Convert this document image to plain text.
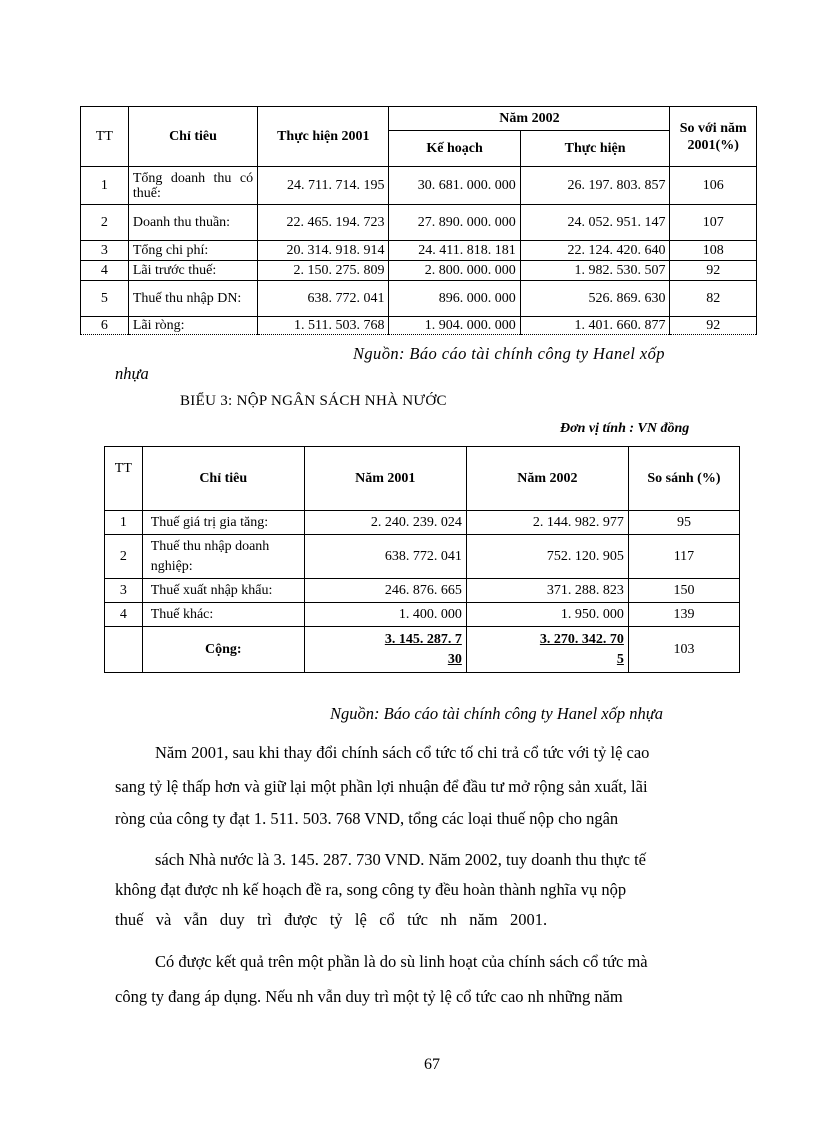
TT	Chỉ tiêu	Thực hiện 2001	Năm 2002		So với năm 2001(%)
			Kế hoạch	Thực hiện	
1	Tổng doanh thu có thuế:	24. 711. 714. 195	30. 681. 000. 000	26. 197. 803. 857	106
2	Doanh thu thuần:	22. 465. 194. 723	27. 890. 000. 000	24. 052. 951. 147	107
3	Tổng chi phí:	20. 314. 918. 914	24. 411. 818. 181	22. 124. 420. 640	108
4	Lãi trước thuế:	2. 150. 275. 809	2. 800. 000. 000	1. 982. 530. 507	92
5	Thuế thu nhập DN:	638. 772. 041	896. 000. 000	526. 869. 630	82
6	Lãi ròng:	1. 511. 503. 768	1. 904. 000. 000	1. 401. 660. 877	92
Nguồn: Báo cáo tài chính công ty Hanel xốp
nhựa
BIỂU 3: NỘP NGÂN SÁCH NHÀ NƯỚC
Đơn vị tính : VN đồng
TT	Chỉ tiêu	Năm 2001	Năm 2002	So sánh (%)
1	Thuế giá trị gia tăng:	2. 240. 239. 024	2. 144. 982. 977	95
2	Thuế thu nhập doanh nghiệp:	638. 772. 041	752. 120. 905	117
3	Thuế xuất nhập khẩu:	246. 876. 665	371. 288. 823	150
4	Thuế khác:	1. 400. 000	1. 950. 000	139
	Cộng:	3. 145. 287. 730	3. 270. 342. 705	103
Nguồn: Báo cáo tài chính công ty Hanel xốp nhựa
Năm 2001, sau khi thay đổi chính sách cổ tức tố chi trả cổ tức với tỷ lệ cao
sang tỷ lệ thấp hơn và giữ lại một phần lợi nhuận để đầu tư mở rộng sản xuất, lãi
ròng của công ty đạt 1. 511. 503. 768 VND, tổng các loại thuế nộp cho ngân
sách Nhà nước là 3. 145. 287. 730 VND. Năm 2002, tuy doanh thu thực tế
không đạt được nh kế hoạch đề ra, song công ty đều hoàn thành nghĩa vụ nộp
thuế   và   vẫn   duy   trì   được   tỷ   lệ   cổ   tức   nh   năm   2001.
Có được kết quả trên một phần là do sù linh hoạt của chính sách cổ tức mà
công ty đang áp dụng. Nếu nh vẫn duy trì một tỷ lệ cổ tức cao nh những năm
67
